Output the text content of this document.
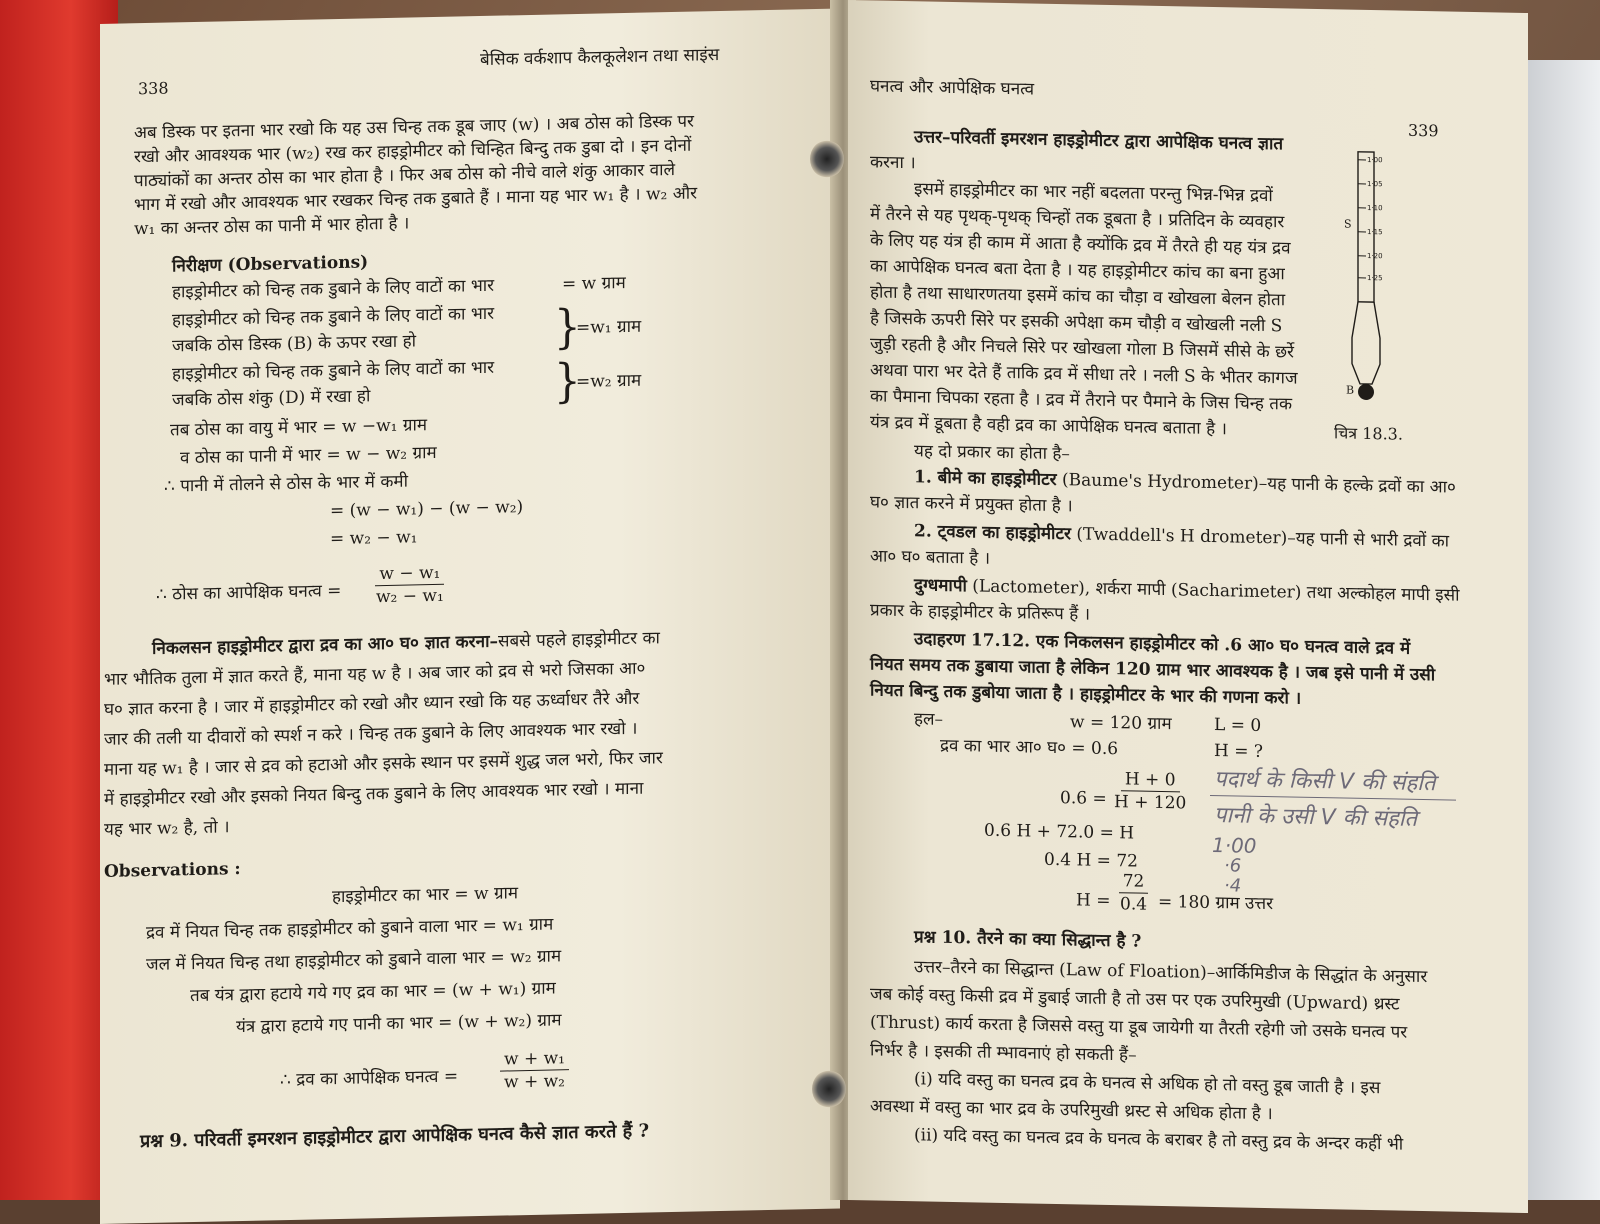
338
बेसिक वर्कशाप कैलकूलेशन तथा साइंस
अब डिस्क पर इतना भार रखो कि यह उस चिन्ह तक डूब जाए (w) । अब ठोस को डिस्क पर
रखो और आवश्यक भार (w₂) रख कर हाइड्रोमीटर को चिन्हित बिन्दु तक डुबा दो । इन दोनों
पाठ्यांकों का अन्तर ठोस का भार होता है । फिर अब ठोस को नीचे वाले शंकु आकार वाले
भाग में रखो और आवश्यक भार रखकर चिन्ह तक डुबाते हैं । माना यह भार w₁ है । w₂ और
w₁ का अन्तर ठोस का पानी में भार होता है ।
निरीक्षण (Observations)
हाइड्रोमीटर को चिन्ह तक डुबाने के लिए वाटों का भार	= w ग्राम
हाइड्रोमीटर को चिन्ह तक डुबाने के लिए वाटों का भार
जबकि ठोस डिस्क (B) के ऊपर रखा हो	}
=w₁ ग्राम
हाइड्रोमीटर को चिन्ह तक डुबाने के लिए वाटों का भार
जबकि ठोस शंकु (D) में रखा हो	}
=w₂ ग्राम
तब ठोस का वायु में भार = w −w₁ ग्राम
व ठोस का पानी में भार = w − w₂ ग्राम
∴ पानी में तोलने से ठोस के भार में कमी
= (w − w₁) − (w − w₂)
= w₂ − w₁
∴ ठोस का आपेक्षिक घनत्व = $\frac{\text{w − w₁}}{\text{w₂ − w₁}}$
निकलसन हाइड्रोमीटर द्वारा द्रव का आ० घ० ज्ञात करना–सबसे पहले हाइड्रोमीटर का
भार भौतिक तुला में ज्ञात करते हैं, माना यह w है । अब जार को द्रव से भरो जिसका आ०
घ० ज्ञात करना है । जार में हाइड्रोमीटर को रखो और ध्यान रखो कि यह ऊर्ध्वाधर तैरे और
जार की तली या दीवारों को स्पर्श न करे । चिन्ह तक डुबाने के लिए आवश्यक भार रखो ।
माना यह w₁ है । जार से द्रव को हटाओ और इसके स्थान पर इसमें शुद्ध जल भरो, फिर जार
में हाइड्रोमीटर रखो और इसको नियत बिन्दु तक डुबाने के लिए आवश्यक भार रखो । माना
यह भार w₂ है, तो ।
Observations :
हाइड्रोमीटर का भार = w ग्राम
द्रव में नियत चिन्ह तक हाइड्रोमीटर को डुबाने वाला भार = w₁ ग्राम
जल में नियत चिन्ह तथा हाइड्रोमीटर को डुबाने वाला भार = w₂ ग्राम
तब यंत्र द्वारा हटाये गये गए द्रव का भार = (w + w₁) ग्राम
यंत्र द्वारा हटाये गए पानी का भार = (w + w₂) ग्राम
∴ द्रव का आपेक्षिक घनत्व = $\frac{\text{w + w₁}}{\text{w + w₂}}$
प्रश्न 9. परिवर्ती इमरशन हाइड्रोमीटर द्वारा आपेक्षिक घनत्व कैसे ज्ञात करते हैं ?
घनत्व और आपेक्षिक घनत्व
339
उत्तर–परिवर्ती इमरशन हाइड्रोमीटर द्वारा आपेक्षिक घनत्व ज्ञात
करना ।
इसमें हाइड्रोमीटर का भार नहीं बदलता परन्तु भिन्न-भिन्न द्रवों
में तैरने से यह पृथक्-पृथक् चिन्हों तक डूबता है । प्रतिदिन के व्यवहार
के लिए यह यंत्र ही काम में आता है क्योंकि द्रव में तैरते ही यह यंत्र द्रव
का आपेक्षिक घनत्व बता देता है । यह हाइड्रोमीटर कांच का बना हुआ
होता है तथा साधारणतया इसमें कांच का चौड़ा व खोखला बेलन होता
है जिसके ऊपरी सिरे पर इसकी अपेक्षा कम चौड़ी व खोखली नली S
जुड़ी रहती है और निचले सिरे पर खोखला गोला B जिसमें सीसे के छर्रे
अथवा पारा भर देते हैं ताकि द्रव में सीधा तरे । नली S के भीतर कागज
का पैमाना चिपका रहता है । द्रव में तैराने पर पैमाने के जिस चिन्ह तक
यंत्र द्रव में डूबता है वही द्रव का आपेक्षिक घनत्व बताता है ।
1·00
1·05
1·10
1·15
1·20
1·25
S
B
चित्र 18.3.
यह दो प्रकार का होता है–
1. बीमे का हाइड्रोमीटर (Baume's Hydrometer)–यह पानी के हल्के द्रवों का आ०
घ० ज्ञात करने में प्रयुक्त होता है ।
2. ट्वडल का हाइड्रोमीटर (Twaddell's H drometer)–यह पानी से भारी द्रवों का
आ० घ० बताता है ।
दुग्धमापी (Lactometer), शर्करा मापी (Sacharimeter) तथा अल्कोहल मापी इसी
प्रकार के हाइड्रोमीटर के प्रतिरूप हैं ।
उदाहरण 17.12. एक निकलसन हाइड्रोमीटर को .6 आ० घ० घनत्व वाले द्रव में
नियत समय तक डुबाया जाता है लेकिन 120 ग्राम भार आवश्यक है । जब इसे पानी में उसी
नियत बिन्दु तक डुबोया जाता है । हाइड्रोमीटर के भार की गणना करो ।
हल–	w = 120 ग्राम L = 0
द्रव का भार आ० घ० = 0.6	H = ?
$0.6 = \frac{H + 0}{H + 120}$
0.6 H + 72.0 = H
0.4 H = 72
$H = \frac{72}{0.4} = 180$ ग्राम उत्तर
पदार्थ के किसी V की संहति
पानी के उसी V की संहति
1·00
·6
·4
प्रश्न 10. तैरने का क्या सिद्धान्त है ?
उत्तर–तैरने का सिद्धान्त (Law of Floation)–आर्किमिडीज के सिद्धांत के अनुसार
जब कोई वस्तु किसी द्रव में डुबाई जाती है तो उस पर एक उपरिमुखी (Upward) थ्रस्ट
(Thrust) कार्य करता है जिससे वस्तु या डूब जायेगी या तैरती रहेगी जो उसके घनत्व पर
निर्भर है । इसकी ती म्भावनाएं हो सकती हैं–
(i) यदि वस्तु का घनत्व द्रव के घनत्व से अधिक हो तो वस्तु डूब जाती है । इस
अवस्था में वस्तु का भार द्रव के उपरिमुखी थ्रस्ट से अधिक होता है ।
(ii) यदि वस्तु का घनत्व द्रव के घनत्व के बराबर है तो वस्तु द्रव के अन्दर कहीं भी
